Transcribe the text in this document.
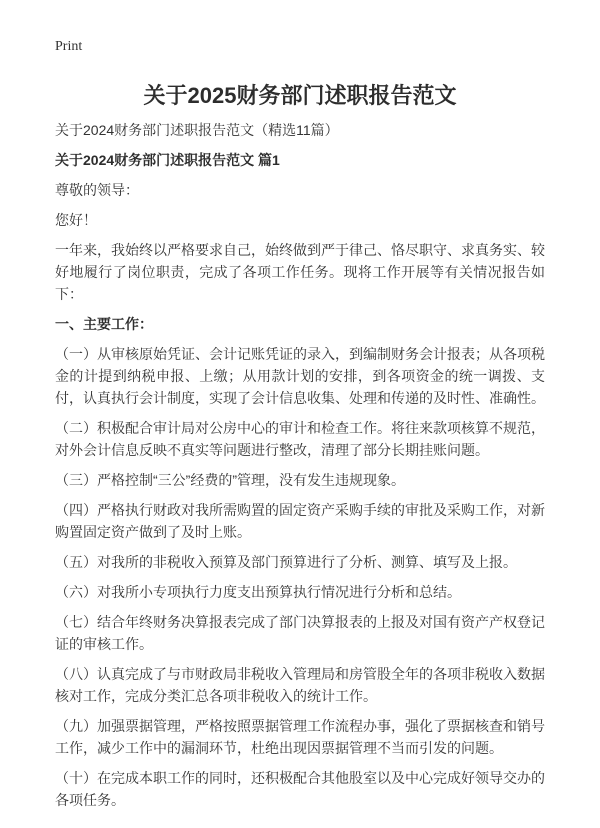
Print
关于2025财务部门述职报告范文

关于2024财务部门述职报告范文（精选11篇）

关于2024财务部门述职报告范文 篇1

尊敬的领导：

您好！

一年来，我始终以严格要求自己，始终做到严于律己、恪尽职守、求真务实、较好地履行了岗位职责，完成了各项工作任务。现将工作开展等有关情况报告如下：

一、主要工作：

（一）从审核原始凭证、会计记账凭证的录入，到编制财务会计报表；从各项税金的计提到纳税申报、上缴；从用款计划的安排，到各项资金的统一调拨、支付，认真执行会计制度，实现了会计信息收集、处理和传递的及时性、准确性。

（二）积极配合审计局对公房中心的审计和检查工作。将往来款项核算不规范，对外会计信息反映不真实等问题进行整改，清理了部分长期挂账问题。

（三）严格控制“三公”经费的”管理，没有发生违规现象。

（四）严格执行财政对我所需购置的固定资产采购手续的审批及采购工作，对新购置固定资产做到了及时上账。

（五）对我所的非税收入预算及部门预算进行了分析、测算、填写及上报。

（六）对我所小专项执行力度支出预算执行情况进行分析和总结。

（七）结合年终财务决算报表完成了部门决算报表的上报及对国有资产产权登记证的审核工作。

（八）认真完成了与市财政局非税收入管理局和房管股全年的各项非税收入数据核对工作，完成分类汇总各项非税收入的统计工作。

（九）加强票据管理，严格按照票据管理工作流程办事，强化了票据核查和销号工作，减少工作中的漏洞环节，杜绝出现因票据管理不当而引发的问题。

（十）在完成本职工作的同时，还积极配合其他股室以及中心完成好领导交办的各项任务。
